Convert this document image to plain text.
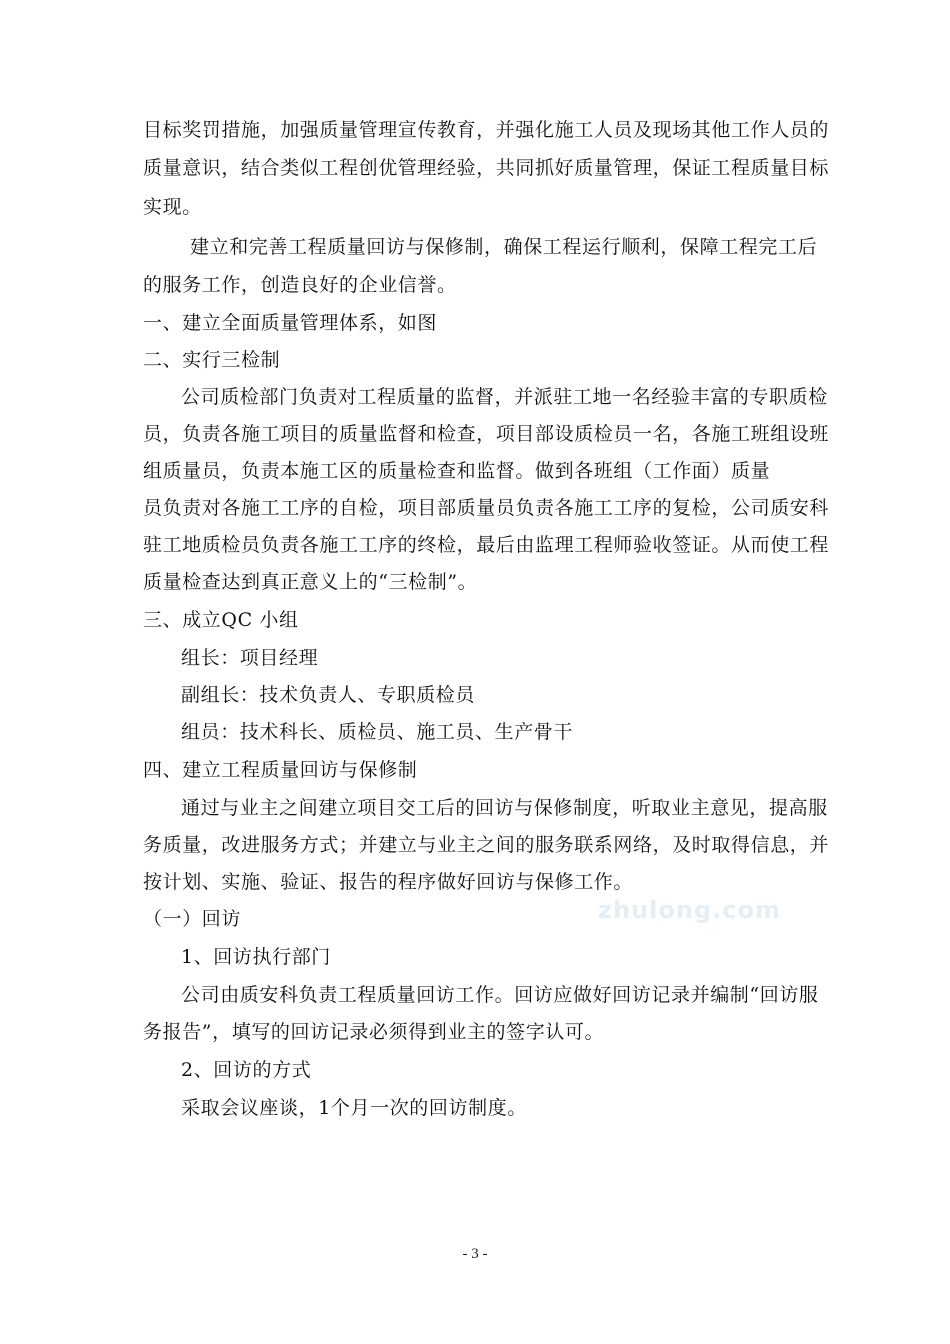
zhulong.com
目标奖罚措施，加强质量管理宣传教育，并强化施工人员及现场其他工作人员的
质量意识，结合类似工程创优管理经验，共同抓好质量管理，保证工程质量目标
实现。
建立和完善工程质量回访与保修制，确保工程运行顺利，保障工程完工后
的服务工作，创造良好的企业信誉。
一、建立全面质量管理体系，如图
二、实行三检制
公司质检部门负责对工程质量的监督，并派驻工地一名经验丰富的专职质检
员，负责各施工项目的质量监督和检查，项目部设质检员一名，各施工班组设班
组质量员，负责本施工区的质量检查和监督。做到各班组（工作面）质量
员负责对各施工工序的自检，项目部质量员负责各施工工序的复检，公司质安科
驻工地质检员负责各施工工序的终检，最后由监理工程师验收签证。从而使工程
质量检查达到真正意义上的“三检制”。
三、成立QC 小组
组长：项目经理
副组长：技术负责人、专职质检员
组员：技术科长、质检员、施工员、生产骨干
四、建立工程质量回访与保修制
通过与业主之间建立项目交工后的回访与保修制度，听取业主意见，提高服
务质量，改进服务方式；并建立与业主之间的服务联系网络，及时取得信息，并
按计划、实施、验证、报告的程序做好回访与保修工作。
（一）回访
1、回访执行部门
公司由质安科负责工程质量回访工作。回访应做好回访记录并编制“回访服
务报告”，填写的回访记录必须得到业主的签字认可。
2、回访的方式
采取会议座谈，1个月一次的回访制度。
- 3 -
